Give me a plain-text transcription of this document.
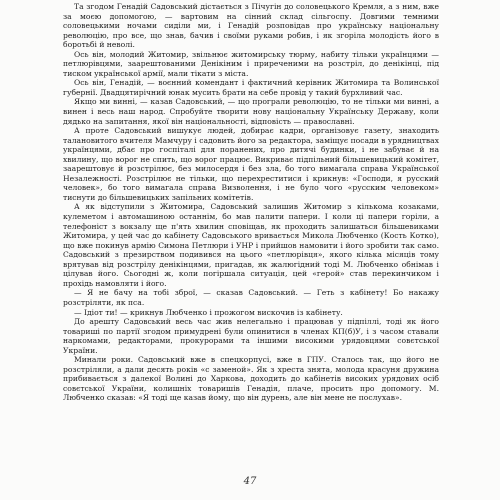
Та згодом Генадій Садовський дістається з Пічугін до соловецького Кремля, а з ним, вже за моєю допомогою, — вартовим на сінний склад сільгоспу. Довгими темними соловецькими ночами сиділи ми, і Генадій розповідав про українську національну революцію, про все, що знав, бачив і своїми руками робив, і як згоріла молодість його в боротьбі й неволі.

Ось він, молодий Житомир, звільнює житомирську тюрму, набиту тільки українцями — петлюрівцями, заарештованими Денікіним і приреченими на розстріл, до денікінці, під тиском української армії, мали тікати з міста.

Ось він, Генадій, — воєнний комендант і фактичний керівник Житомира та Волинської губернії. Двадцятирічний юнак мусить брати на себе провід у такий бурхливий час.

Якщо ми винні, — казав Садовський, — що програли революцію, то не тільки ми винні, а винен і весь наш народ. Спробуйте творити нову національну Українську Державу, коли дядько на запитання, якої він національності, відповість — православні.

А проте Садовський вишукує людей, добирає кадри, організовує газету, знаходить талановитого вчителя Мамчуру і садовить його за редактора, заміщує посади в урядництвах українцями, дбає про госпіталі для поранених, про дитячі будинки, і не забуває й на хвилину, що ворог не спить, що ворог працює. Викриває підпільний більшевицький комітет, заарештовує й розстрілює, без милосердя і без зла, бо того вимагала справа Української Незалежності. Розстрілює не тільки, що перехреститися і крикнув: «Господи, я русский человек», бо того вимагала справа Визволення, і не було чого «русским человеком» тиснути до більшевицьких запільних комітетів.

А як відступили з Житомира, Садовський залишив Житомир з кількома козаками, кулеметом і автомашиною останнім, бо мав палити папери. І коли ці папери горіли, а телефоніст з вокзалу ще п'ять хвилин сповіщав, як проходить залишаться більшевиками Житомира, у цей час до кабінету Садовського вривається Микола Любченко (Кость Котко), що вже покинув армію Симона Петлюри і УНР і прийшов намовити і його зробити так само. Садовський з презирством подивився на цього «петлюрівця», якого кілька місяців тому врятував від розстрілу денікінцями, пригадав, як жалюгідний тоді М. Любченко обнімав і цілував його. Сьогодні ж, коли погіршала ситуація, цей «герой» став перекинчиком і прохідь намовляти і його.

— Я не бачу на тобі зброї, — сказав Садовський. — Геть з кабінету! Бо накажу розстріляти, як пса.

— Ідіот ти! — крикнув Любченко і прожогом вискочив із кабінету.

До арешту Садовський весь час жив нелегально і працював у підпіллі, тоді як його товариші по партії згодом примудрені були опинитися в членах КП(б)У, і з часом ставали наркомами, редакторами, прокурорами та іншими високими урядовцями совєтської України.

Минали роки. Садовський вже в спецкорпусі, вже в ГПУ. Сталось так, що його не розстріляли, а дали десять років «с заменой». Як з хреста знята, молода красуня дружина прибивається з далекої Волині до Харкова, доходить до кабінетів високих урядових осіб совєтської України, колишніх товаришів Генадія, плаче, просить про допомогу. М. Любченко сказав: «Я тоді ще казав йому, що він дурень, але він мене не послухав».

47
